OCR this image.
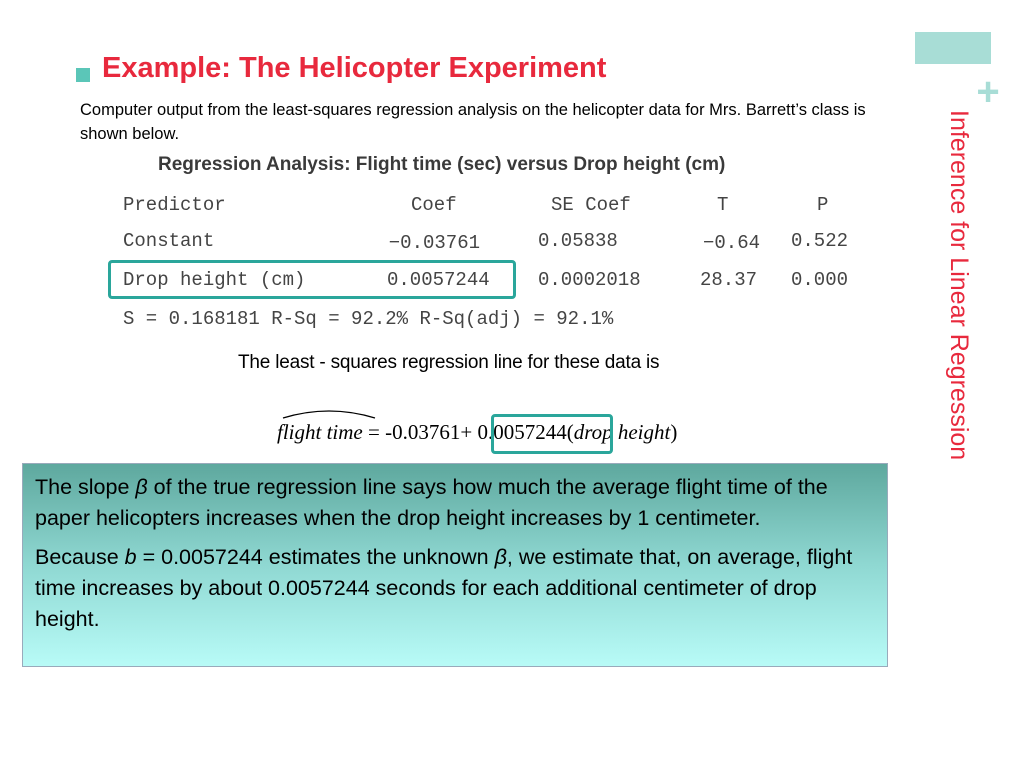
+
Inference for Linear Regression
Example: The Helicopter Experiment

Computer output from the least-squares regression analysis on the helicopter data for Mrs. Barrett’s class is shown below.

Regression Analysis: Flight time (sec) versus Drop height (cm)

Predictor	Coef	SE Coef	T	P
Constant	−0.03761	0.05838	−0.64 0.522
Drop height (cm)	0.0057244	0.0002018	28.37 0.000
S = 0.168181 R-Sq = 92.2% R-Sq(adj) = 92.1%

The least - squares regression line for these data is

flight time = -0.03761+ 0.0057244(drop height)

The slope β of the true regression line says how much the average flight time of the paper helicopters increases when the drop height increases by 1 centimeter.

Because b = 0.0057244 estimates the unknown β, we estimate that, on average, flight time increases by about 0.0057244 seconds for each additional centimeter of drop height.
